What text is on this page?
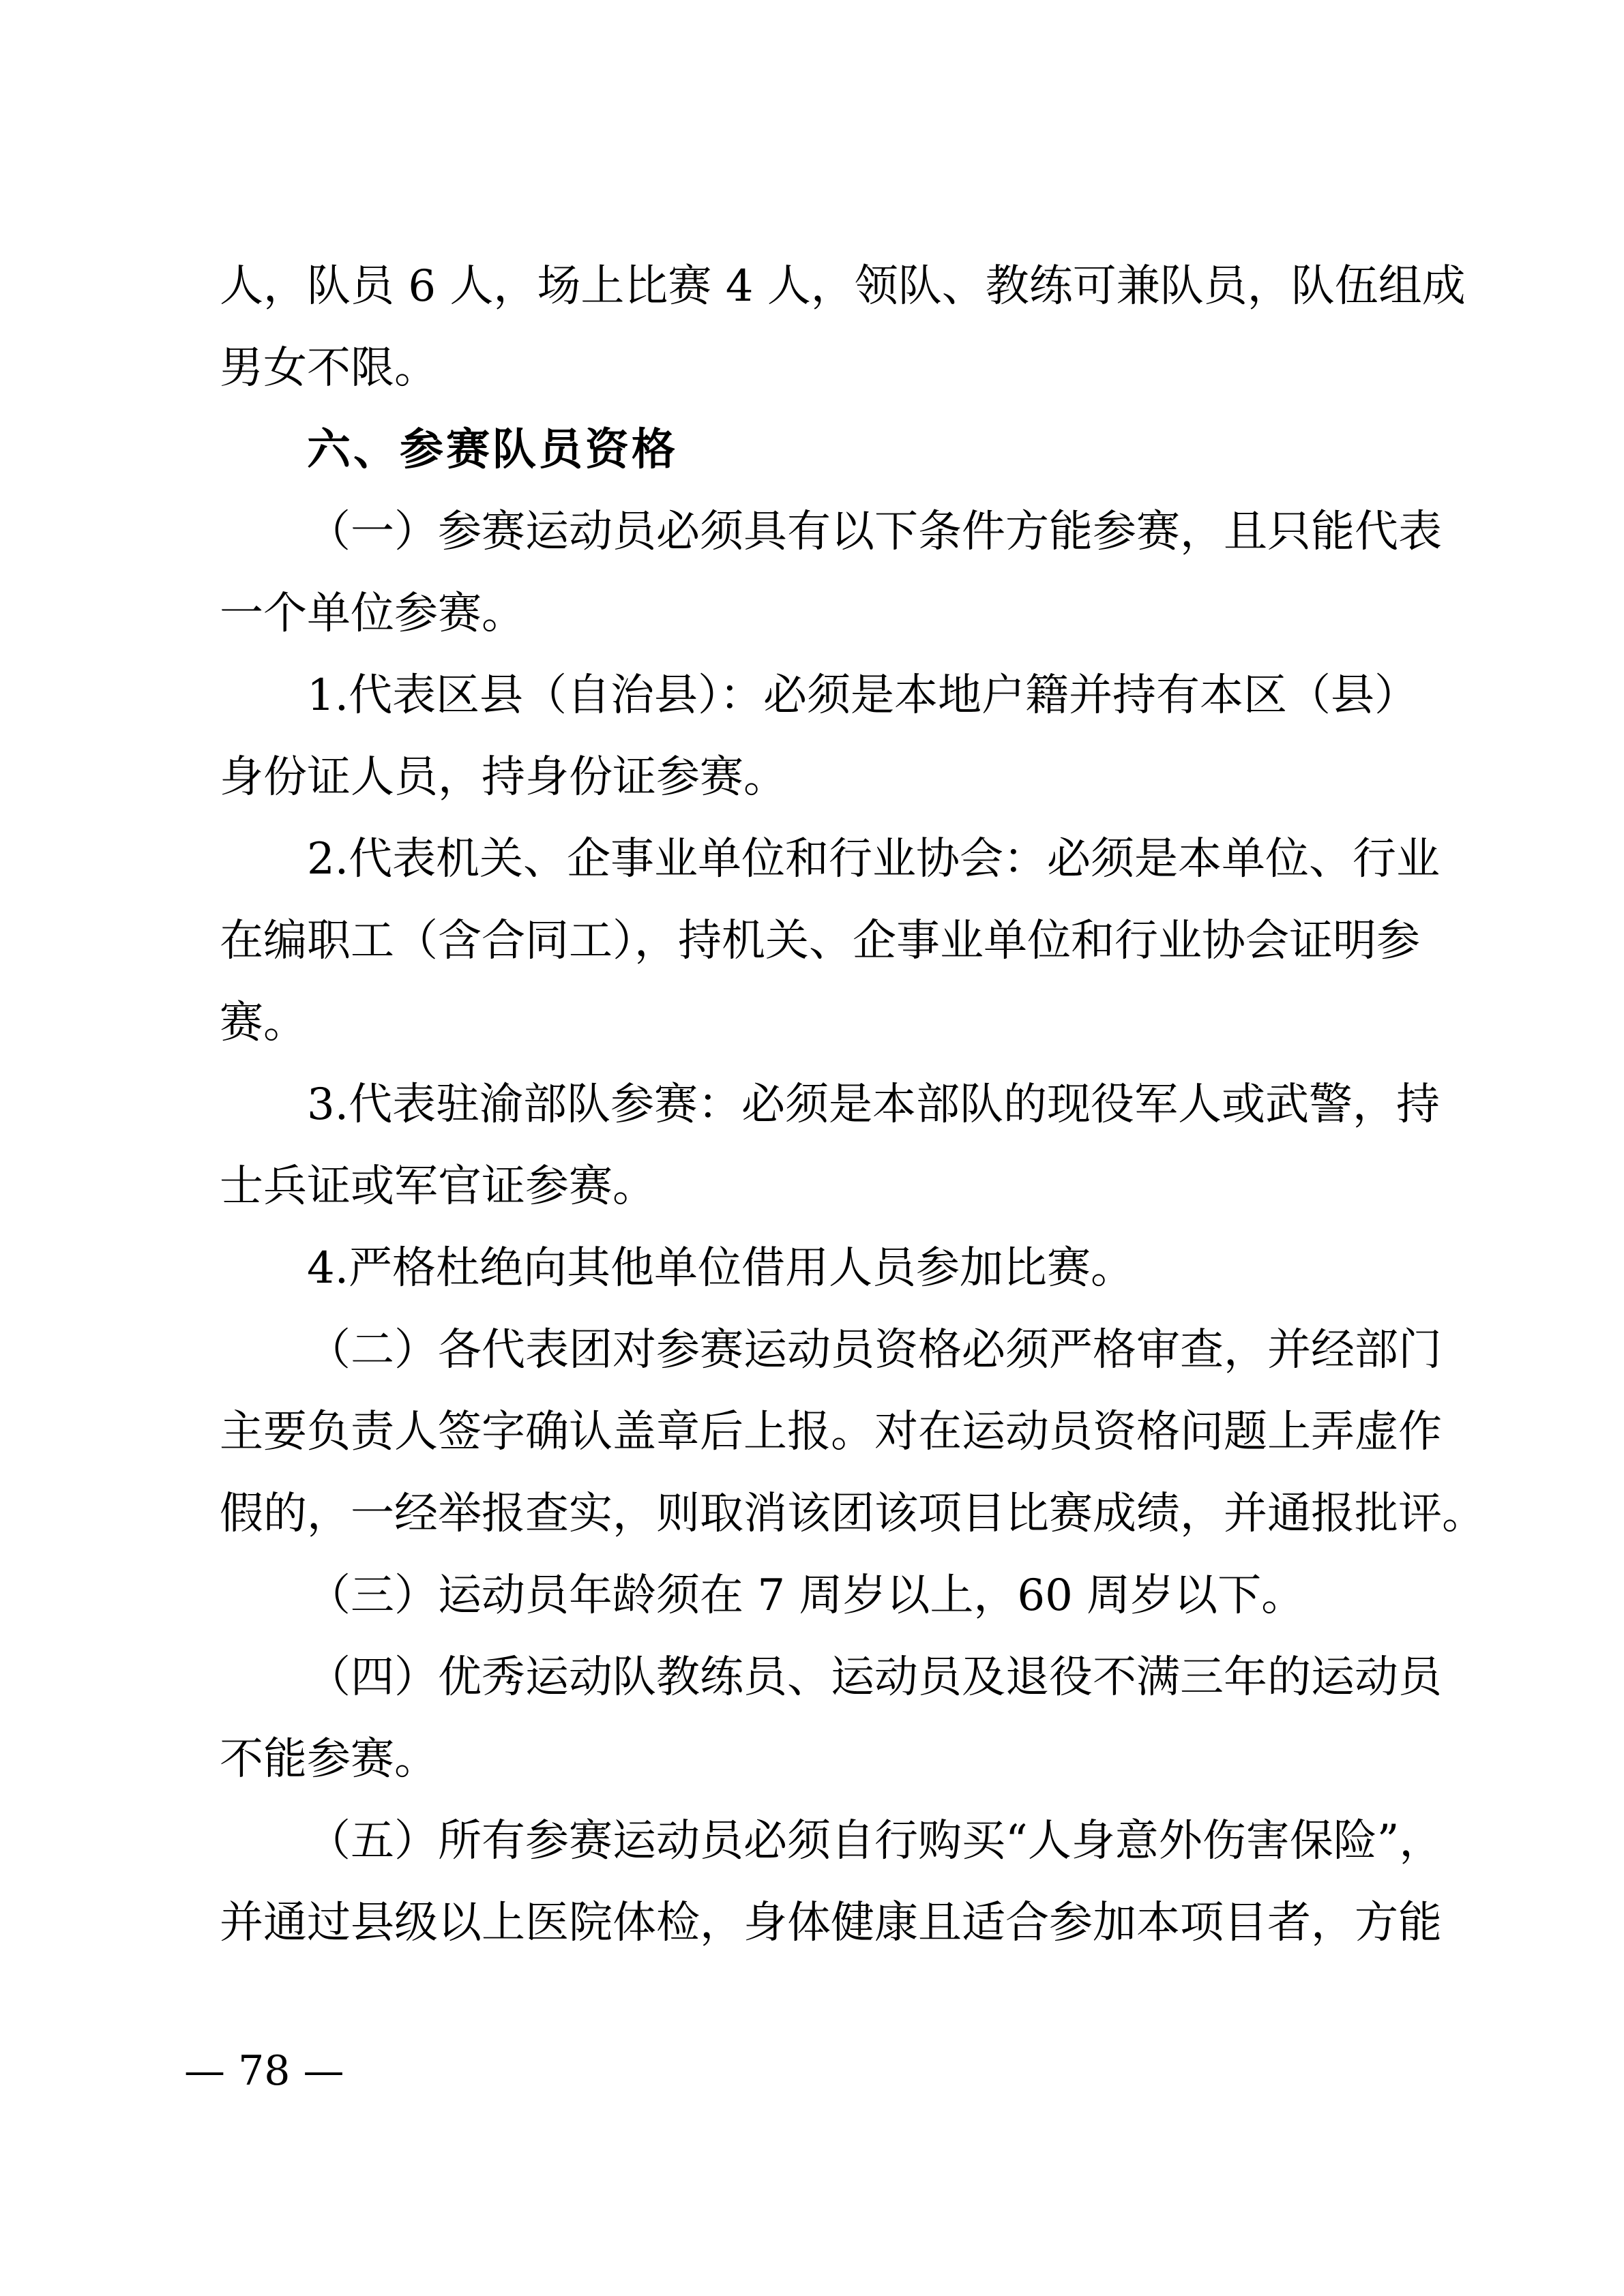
人，队员 6 人，场上比赛 4 人，领队、教练可兼队员，队伍组成

男女不限。

六、参赛队员资格

（一）参赛运动员必须具有以下条件方能参赛，且只能代表

一个单位参赛。

1.代表区县（自治县）：必须是本地户籍并持有本区（县）

身份证人员，持身份证参赛。

2.代表机关、企事业单位和行业协会：必须是本单位、行业

在编职工（含合同工），持机关、企事业单位和行业协会证明参

赛。

3.代表驻渝部队参赛：必须是本部队的现役军人或武警，持

士兵证或军官证参赛。

4.严格杜绝向其他单位借用人员参加比赛。

（二）各代表团对参赛运动员资格必须严格审查，并经部门

主要负责人签字确认盖章后上报。对在运动员资格问题上弄虚作

假的，一经举报查实，则取消该团该项目比赛成绩，并通报批评。

（三）运动员年龄须在 7 周岁以上，60 周岁以下。

（四）优秀运动队教练员、运动员及退役不满三年的运动员

不能参赛。

（五）所有参赛运动员必须自行购买“人身意外伤害保险”，

并通过县级以上医院体检，身体健康且适合参加本项目者，方能

— 78 —
